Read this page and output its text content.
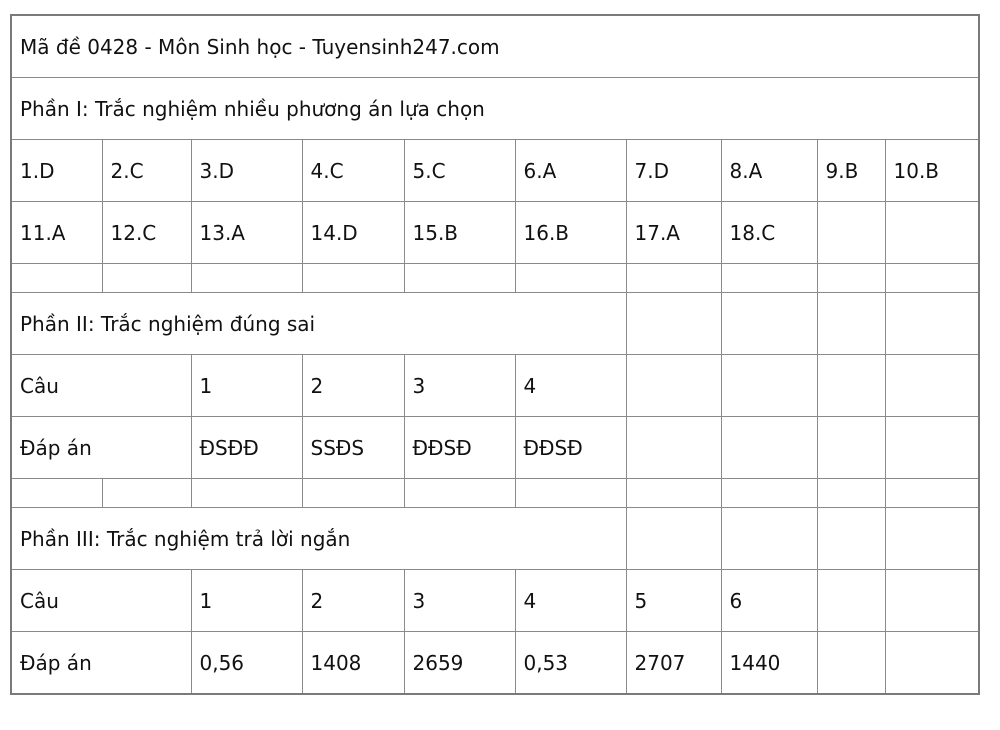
Mã đề 0428 - Môn Sinh học - Tuyensinh247.com									
Phần I: Trắc nghiệm nhiều phương án lựa chọn									
1.D	2.C	3.D	4.C	5.C	6.A	7.D	8.A	9.B	10.B
11.A	12.C	13.A	14.D	15.B	16.B	17.A	18.C		

Phần II: Trắc nghiệm đúng sai									
Câu		1	2	3	4				
Đáp án		ĐSĐĐ	SSĐS	ĐĐSĐ	ĐĐSĐ				

Phần III: Trắc nghiệm trả lời ngắn									
Câu		1	2	3	4	5	6		
Đáp án		0,56	1408	2659	0,53	2707	1440		
